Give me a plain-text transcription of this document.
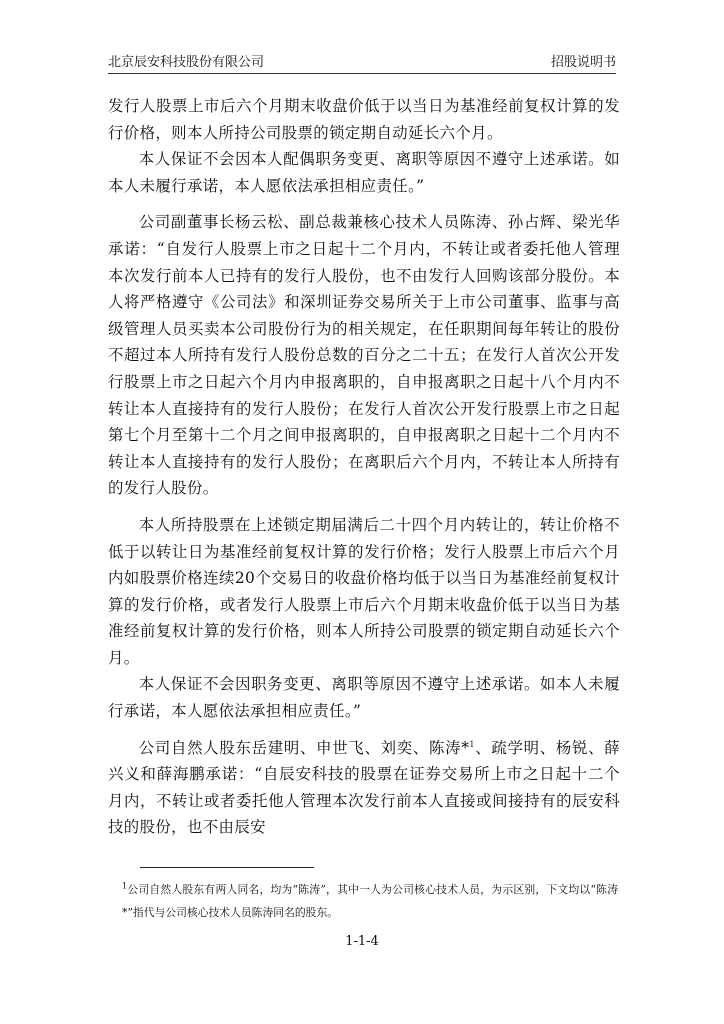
北京辰安科技股份有限公司	招股说明书

发行人股票上市后六个月期末收盘价低于以当日为基准经前复权计算的发行价格，则本人所持公司股票的锁定期自动延长六个月。

本人保证不会因本人配偶职务变更、离职等原因不遵守上述承诺。如本人未履行承诺，本人愿依法承担相应责任。”

公司副董事长杨云松、副总裁兼核心技术人员陈涛、孙占辉、梁光华承诺：“自发行人股票上市之日起十二个月内，不转让或者委托他人管理本次发行前本人已持有的发行人股份，也不由发行人回购该部分股份。本人将严格遵守《公司法》和深圳证券交易所关于上市公司董事、监事与高级管理人员买卖本公司股份行为的相关规定，在任职期间每年转让的股份不超过本人所持有发行人股份总数的百分之二十五；在发行人首次公开发行股票上市之日起六个月内申报离职的，自申报离职之日起十八个月内不转让本人直接持有的发行人股份；在发行人首次公开发行股票上市之日起第七个月至第十二个月之间申报离职的，自申报离职之日起十二个月内不转让本人直接持有的发行人股份；在离职后六个月内，不转让本人所持有的发行人股份。

本人所持股票在上述锁定期届满后二十四个月内转让的，转让价格不低于以转让日为基准经前复权计算的发行价格；发行人股票上市后六个月内如股票价格连续20个交易日的收盘价格均低于以当日为基准经前复权计算的发行价格，或者发行人股票上市后六个月期末收盘价低于以当日为基准经前复权计算的发行价格，则本人所持公司股票的锁定期自动延长六个月。

本人保证不会因职务变更、离职等原因不遵守上述承诺。如本人未履行承诺，本人愿依法承担相应责任。”

公司自然人股东岳建明、申世飞、刘奕、陈涛*$^1$、疏学明、杨锐、薛兴义和薛海鹏承诺：“自辰安科技的股票在证券交易所上市之日起十二个月内，不转让或者委托他人管理本次发行前本人直接或间接持有的辰安科技的股份，也不由辰安

$^1$公司自然人股东有两人同名，均为“陈涛”，其中一人为公司核心技术人员，为示区别，下文均以“陈涛*”指代与公司核心技术人员陈涛同名的股东。
1-1-4
